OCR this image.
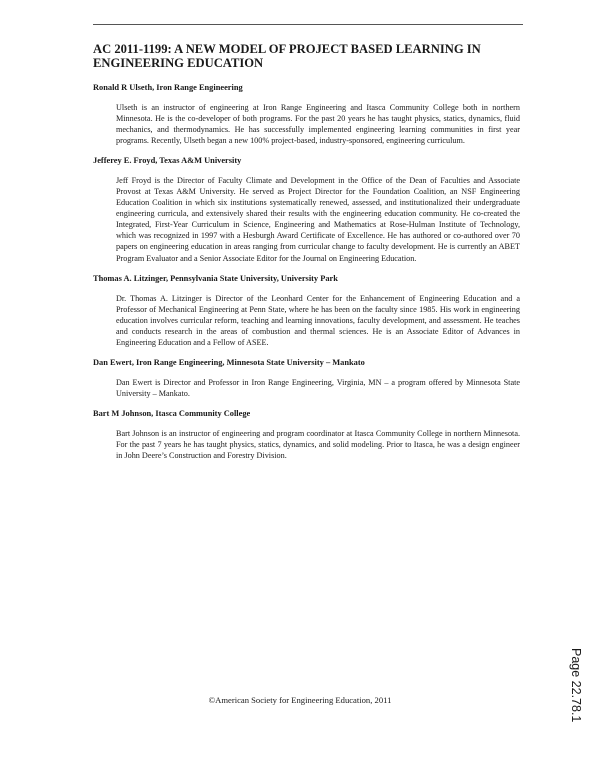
AC 2011-1199: A NEW MODEL OF PROJECT BASED LEARNING IN ENGINEERING EDUCATION

Ronald R Ulseth, Iron Range Engineering

Ulseth is an instructor of engineering at Iron Range Engineering and Itasca Community College both in northern Minnesota. He is the co-developer of both programs. For the past 20 years he has taught physics, statics, dynamics, fluid mechanics, and thermodynamics. He has successfully implemented engineering learning communities in first year programs. Recently, Ulseth began a new 100% project-based, industry-sponsored, engineering curriculum.

Jefferey E. Froyd, Texas A&M University

Jeff Froyd is the Director of Faculty Climate and Development in the Office of the Dean of Faculties and Associate Provost at Texas A&M University. He served as Project Director for the Foundation Coalition, an NSF Engineering Education Coalition in which six institutions systematically renewed, assessed, and institutionalized their undergraduate engineering curricula, and extensively shared their results with the engineering education community. He co-created the Integrated, First-Year Curriculum in Science, Engineering and Mathematics at Rose-Hulman Institute of Technology, which was recognized in 1997 with a Hesburgh Award Certificate of Excellence. He has authored or co-authored over 70 papers on engineering education in areas ranging from curricular change to faculty development. He is currently an ABET Program Evaluator and a Senior Associate Editor for the Journal on Engineering Education.

Thomas A. Litzinger, Pennsylvania State University, University Park

Dr. Thomas A. Litzinger is Director of the Leonhard Center for the Enhancement of Engineering Education and a Professor of Mechanical Engineering at Penn State, where he has been on the faculty since 1985. His work in engineering education involves curricular reform, teaching and learning innovations, faculty development, and assessment. He teaches and conducts research in the areas of combustion and thermal sciences. He is an Associate Editor of Advances in Engineering Education and a Fellow of ASEE.

Dan Ewert, Iron Range Engineering, Minnesota State University – Mankato

Dan Ewert is Director and Professor in Iron Range Engineering, Virginia, MN – a program offered by Minnesota State University – Mankato.

Bart M Johnson, Itasca Community College

Bart Johnson is an instructor of engineering and program coordinator at Itasca Community College in northern Minnesota. For the past 7 years he has taught physics, statics, dynamics, and solid modeling. Prior to Itasca, he was a design engineer in John Deere’s Construction and Forestry Division.

©American Society for Engineering Education, 2011	Page 22.78.1
